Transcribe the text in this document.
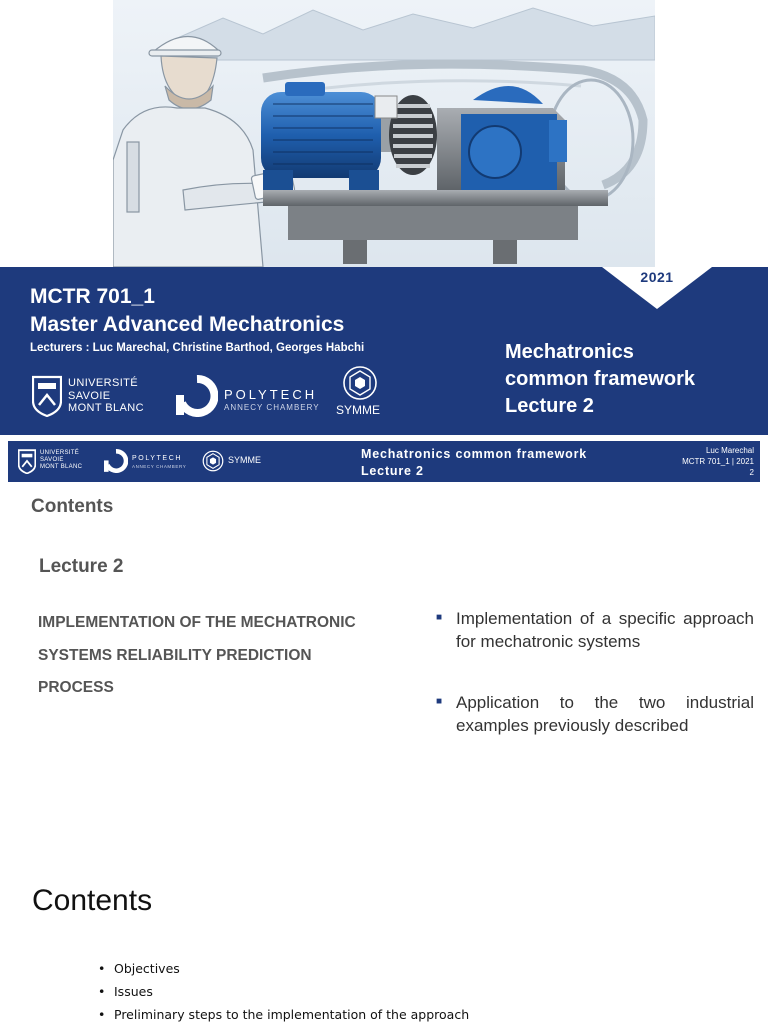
2021
MCTR 701_1
Master Advanced Mechatronics
Lecturers : Luc Marechal, Christine Barthod, Georges Habchi	Mechatronics
common framework
Lecture 2
UNIVERSITÉ
SAVOIE
MONT BLANC
POLYTECH
ANNECY CHAMBERY SYMME
UNIVERSITÉ
SAVOIE
MONT BLANC
POLYTECH
ANNECY CHAMBERY
SYMME	Mechatronics common framework
Lecture 2
Luc Marechal
MCTR 701_1 | 2021
2
Contents
Lecture 2
IMPLEMENTATION OF THE MECHATRONIC
SYSTEMS RELIABILITY PREDICTION
PROCESS
■ Implementation of a specific approach for mechatronic systems
■ Application to the two industrial examples previously described
Contents
• Objectives
• Issues
• Preliminary steps to the implementation of the approach
